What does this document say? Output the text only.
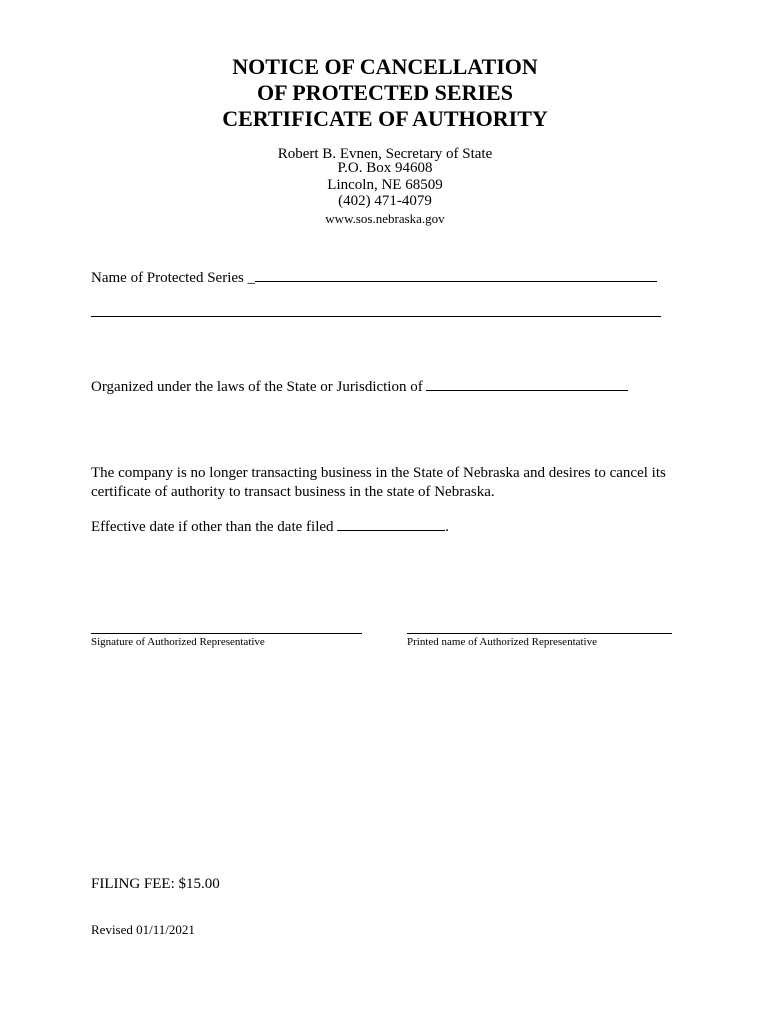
NOTICE OF CANCELLATION
OF PROTECTED SERIES
CERTIFICATE OF AUTHORITY
Robert B. Evnen, Secretary of State
P.O. Box 94608
Lincoln, NE 68509
(402) 471-4079
www.sos.nebraska.gov
Name of Protected Series _
Organized under the laws of the State or Jurisdiction of
The company is no longer transacting business in the State of Nebraska and desires to cancel its certificate of authority to transact business in the state of Nebraska.
Effective date if other than the date filed	.
Signature of Authorized Representative	Printed name of Authorized Representative
FILING FEE: $15.00
Revised 01/11/2021
